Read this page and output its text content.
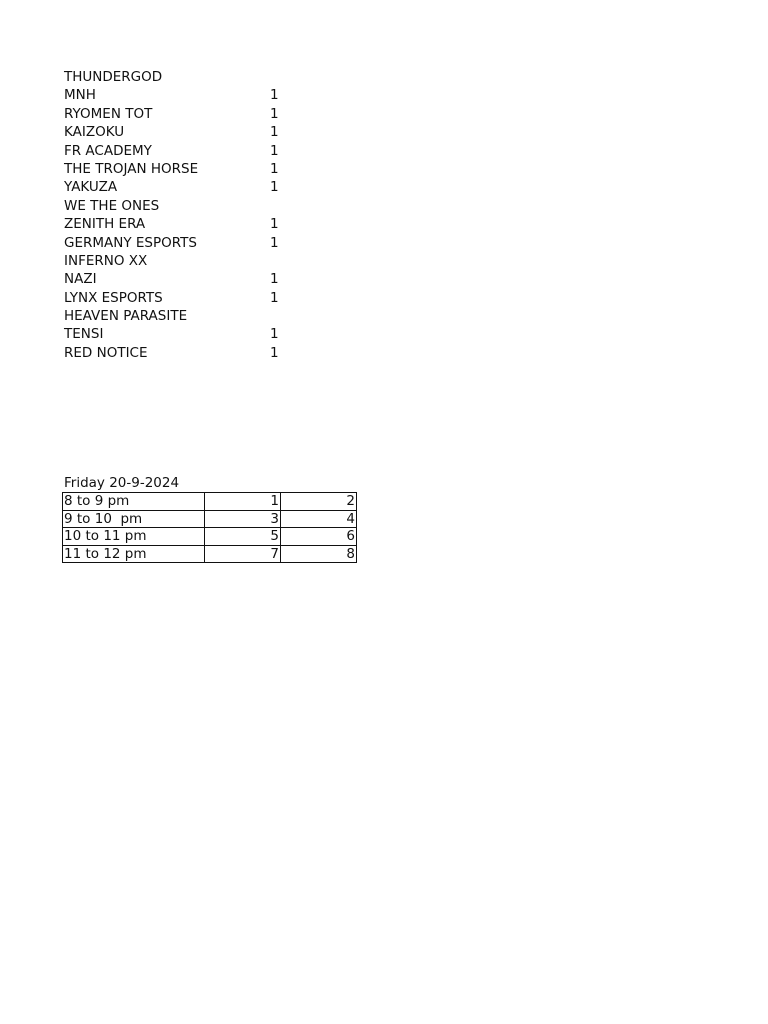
THUNDERGOD
MNH	1
RYOMEN TOT	1
KAIZOKU	1
FR ACADEMY	1
THE TROJAN HORSE	1
YAKUZA	1
WE THE ONES
ZENITH ERA	1
GERMANY ESPORTS	1
INFERNO XX
NAZI	1
LYNX ESPORTS	1
HEAVEN PARASITE
TENSI	1
RED NOTICE	1
Friday 20-9-2024
8 to 9 pm	1	2
9 to 10  pm	3	4
10 to 11 pm	5	6
11 to 12 pm	7	8
